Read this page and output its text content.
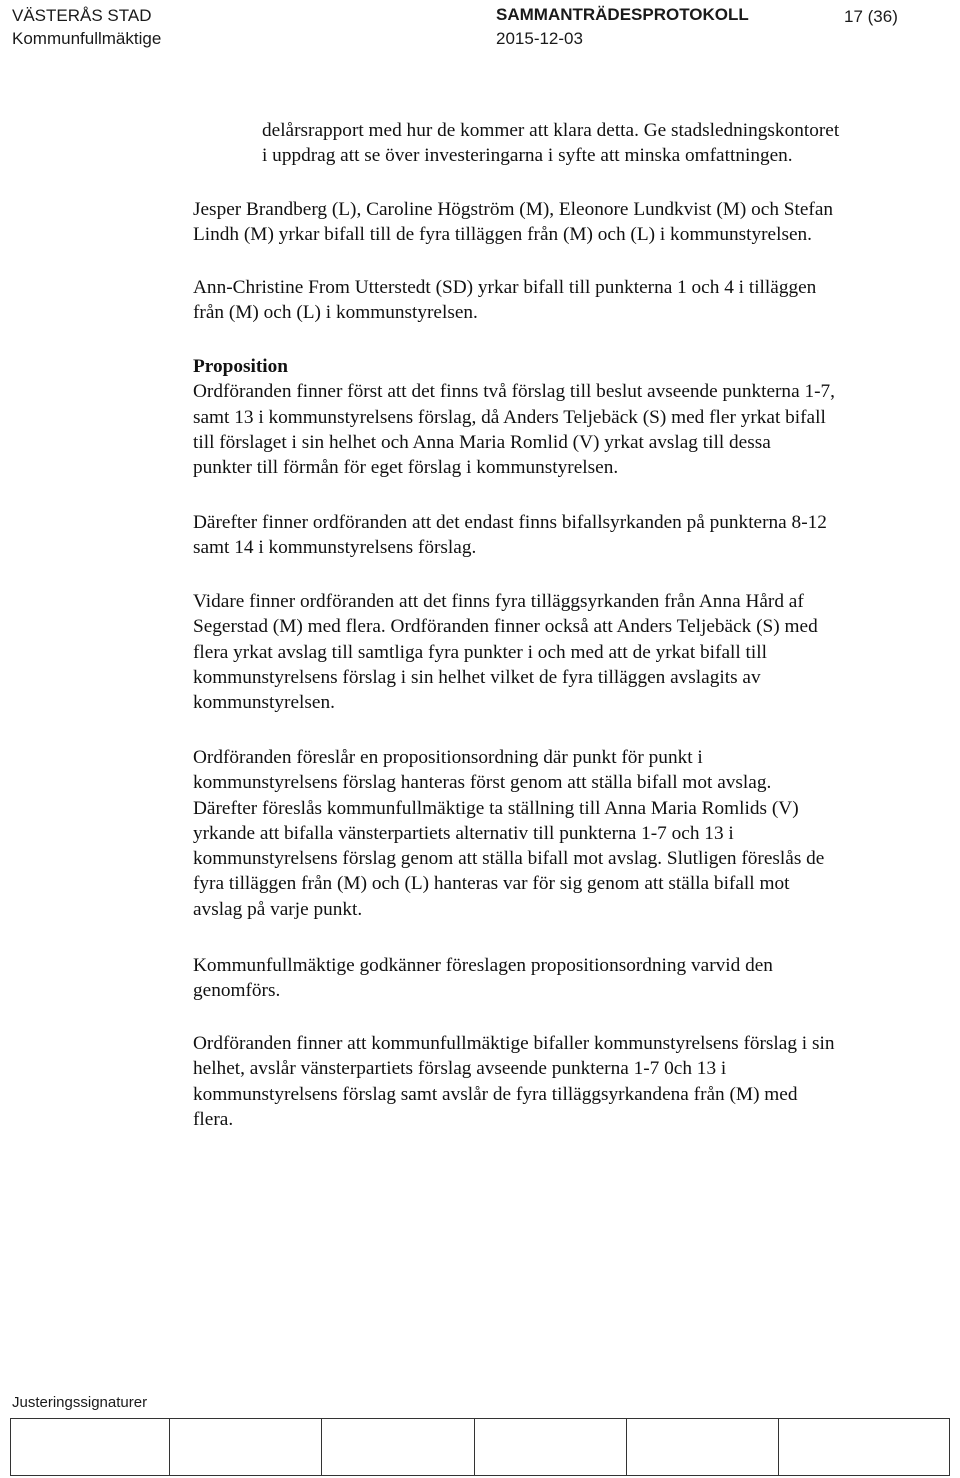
VÄSTERÅS STAD
Kommunfullmäktige
SAMMANTRÄDESPROTOKOLL
2015-12-03
17 (36)

delårsrapport med hur de kommer att klara detta. Ge stadsledningskontoret

i uppdrag att se över investeringarna i syfte att minska omfattningen.

Jesper Brandberg (L), Caroline Högström (M), Eleonore Lundkvist (M) och Stefan

Lindh (M) yrkar bifall till de fyra tilläggen från (M) och (L) i kommunstyrelsen.

Ann-Christine From Utterstedt (SD) yrkar bifall till punkterna 1 och 4 i tilläggen

från (M) och (L) i kommunstyrelsen.

Proposition

Ordföranden finner först att det finns två förslag till beslut avseende punkterna 1-7,

samt 13 i kommunstyrelsens förslag, då Anders Teljebäck (S) med fler yrkat bifall

till förslaget i sin helhet och Anna Maria Romlid (V) yrkat avslag till dessa

punkter till förmån för eget förslag i kommunstyrelsen.

Därefter finner ordföranden att det endast finns bifallsyrkanden på punkterna 8-12

samt 14 i kommunstyrelsens förslag.

Vidare finner ordföranden att det finns fyra tilläggsyrkanden från Anna Hård af

Segerstad (M) med flera. Ordföranden finner också att Anders Teljebäck (S) med

flera yrkat avslag till samtliga fyra punkter i och med att de yrkat bifall till

kommunstyrelsens förslag i sin helhet vilket de fyra tilläggen avslagits av

kommunstyrelsen.

Ordföranden föreslår en propositionsordning där punkt för punkt i

kommunstyrelsens förslag hanteras först genom att ställa bifall mot avslag.

Därefter föreslås kommunfullmäktige ta ställning till Anna Maria Romlids (V)

yrkande att bifalla vänsterpartiets alternativ till punkterna 1-7 och 13 i

kommunstyrelsens förslag genom att ställa bifall mot avslag. Slutligen föreslås de

fyra tilläggen från (M) och (L) hanteras var för sig genom att ställa bifall mot

avslag på varje punkt.

Kommunfullmäktige godkänner föreslagen propositionsordning varvid den

genomförs.

Ordföranden finner att kommunfullmäktige bifaller kommunstyrelsens förslag i sin

helhet, avslår vänsterpartiets förslag avseende punkterna 1-7 0ch 13 i

kommunstyrelsens förslag samt avslår de fyra tilläggsyrkandena från (M) med

flera.

Justeringssignaturer
